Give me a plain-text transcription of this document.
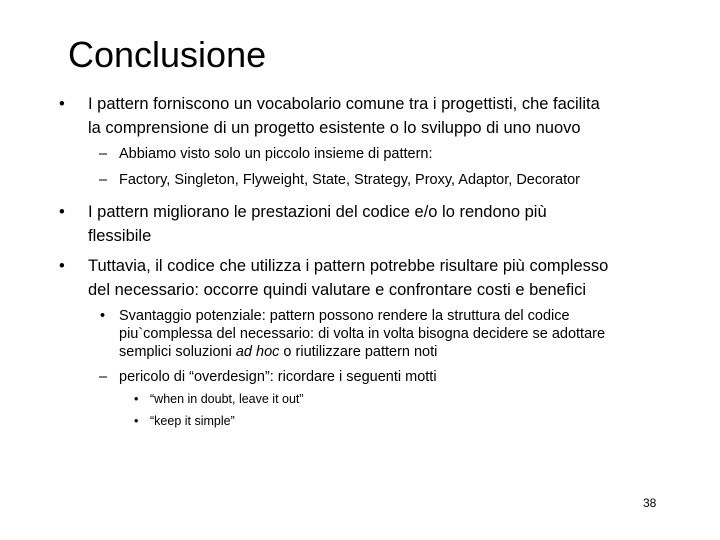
Conclusione
• I pattern forniscono un vocabolario comune tra i progettisti, che facilita
la comprensione di un progetto esistente o lo sviluppo di uno nuovo
– Abbiamo visto solo un piccolo insieme di pattern:
– Factory, Singleton, Flyweight, State, Strategy, Proxy, Adaptor, Decorator
• I pattern migliorano le prestazioni del codice e/o lo rendono più
flessibile
• Tuttavia, il codice che utilizza i pattern potrebbe risultare più complesso
del necessario: occorre quindi valutare e confrontare costi e benefici
• Svantaggio potenziale: pattern possono rendere la struttura del codice
piu`complessa del necessario: di volta in volta bisogna decidere se adottare
semplici soluzioni ad hoc o riutilizzare pattern noti
– pericolo di “overdesign”: ricordare i seguenti motti
• “when in doubt, leave it out”
• “keep it simple”
38
